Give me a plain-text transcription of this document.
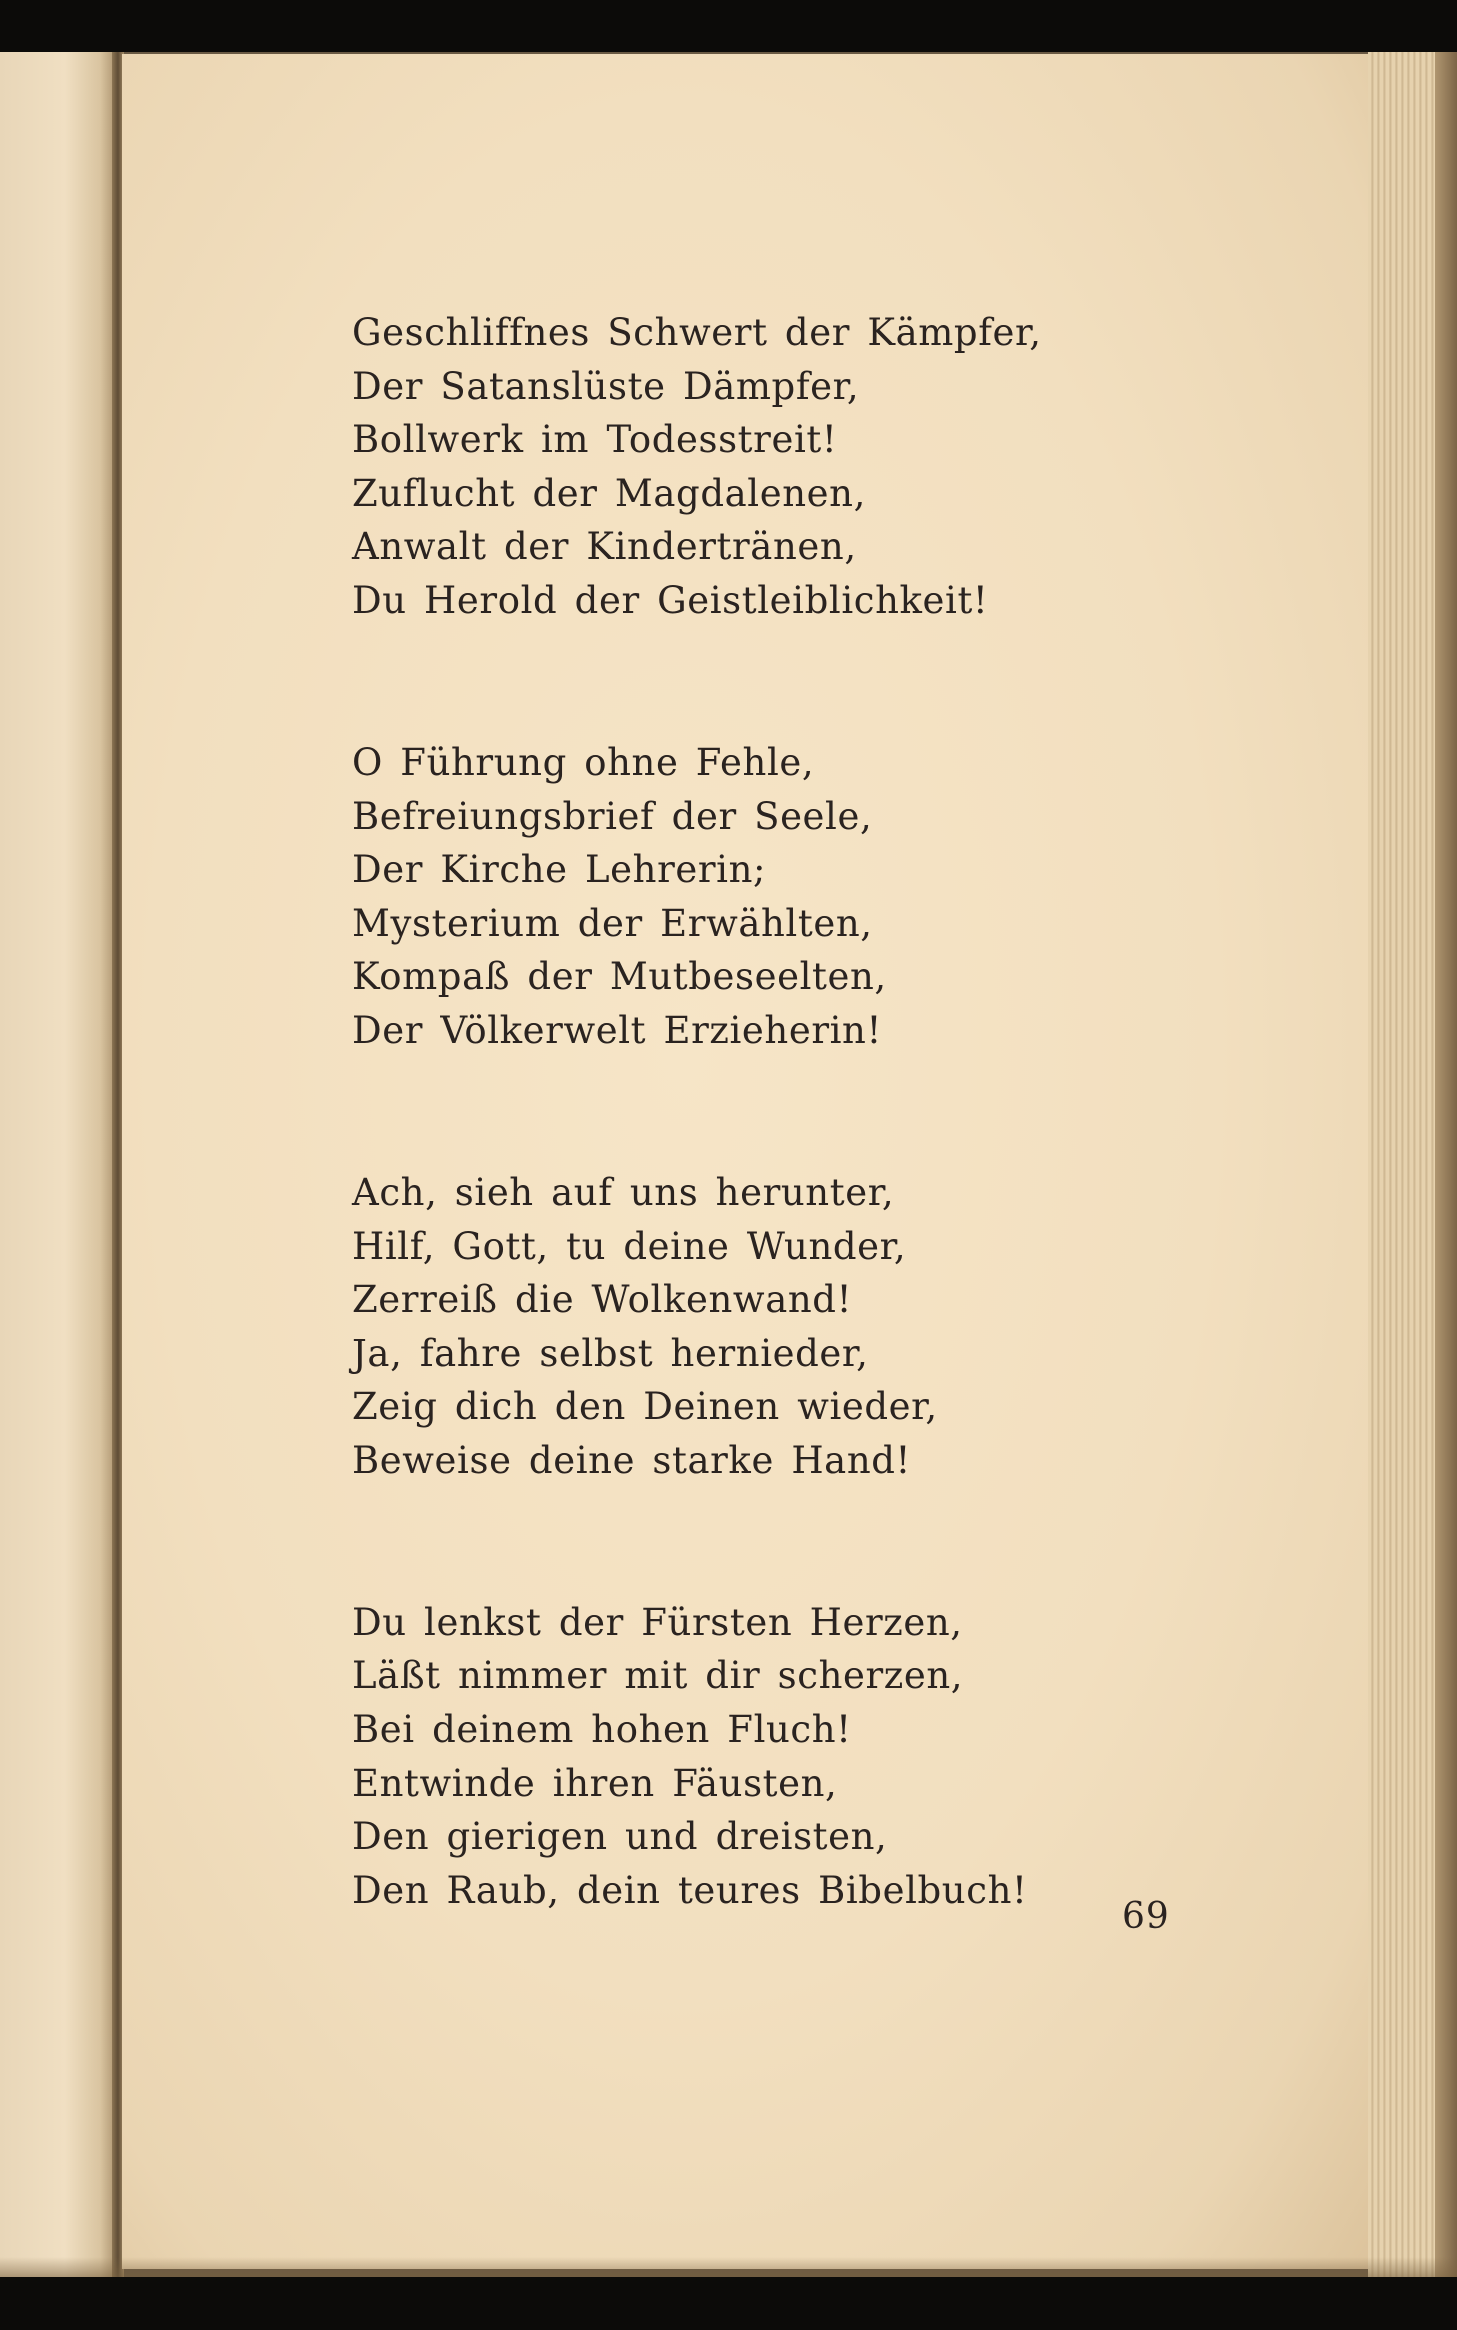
Geschliffnes Schwert der Kämpfer,
Der Satanslüste Dämpfer,
Bollwerk im Todesstreit!
Zuflucht der Magdalenen,
Anwalt der Kindertränen,
Du Herold der Geistleiblichkeit!
O Führung ohne Fehle,
Befreiungsbrief der Seele,
Der Kirche Lehrerin;
Mysterium der Erwählten,
Kompaß der Mutbeseelten,
Der Völkerwelt Erzieherin!
Ach, sieh auf uns herunter,
Hilf, Gott, tu deine Wunder,
Zerreiß die Wolkenwand!
Ja, fahre selbst hernieder,
Zeig dich den Deinen wieder,
Beweise deine starke Hand!
Du lenkst der Fürsten Herzen,
Läßt nimmer mit dir scherzen,
Bei deinem hohen Fluch!
Entwinde ihren Fäusten,
Den gierigen und dreisten,
Den Raub, dein teures Bibelbuch!
69
